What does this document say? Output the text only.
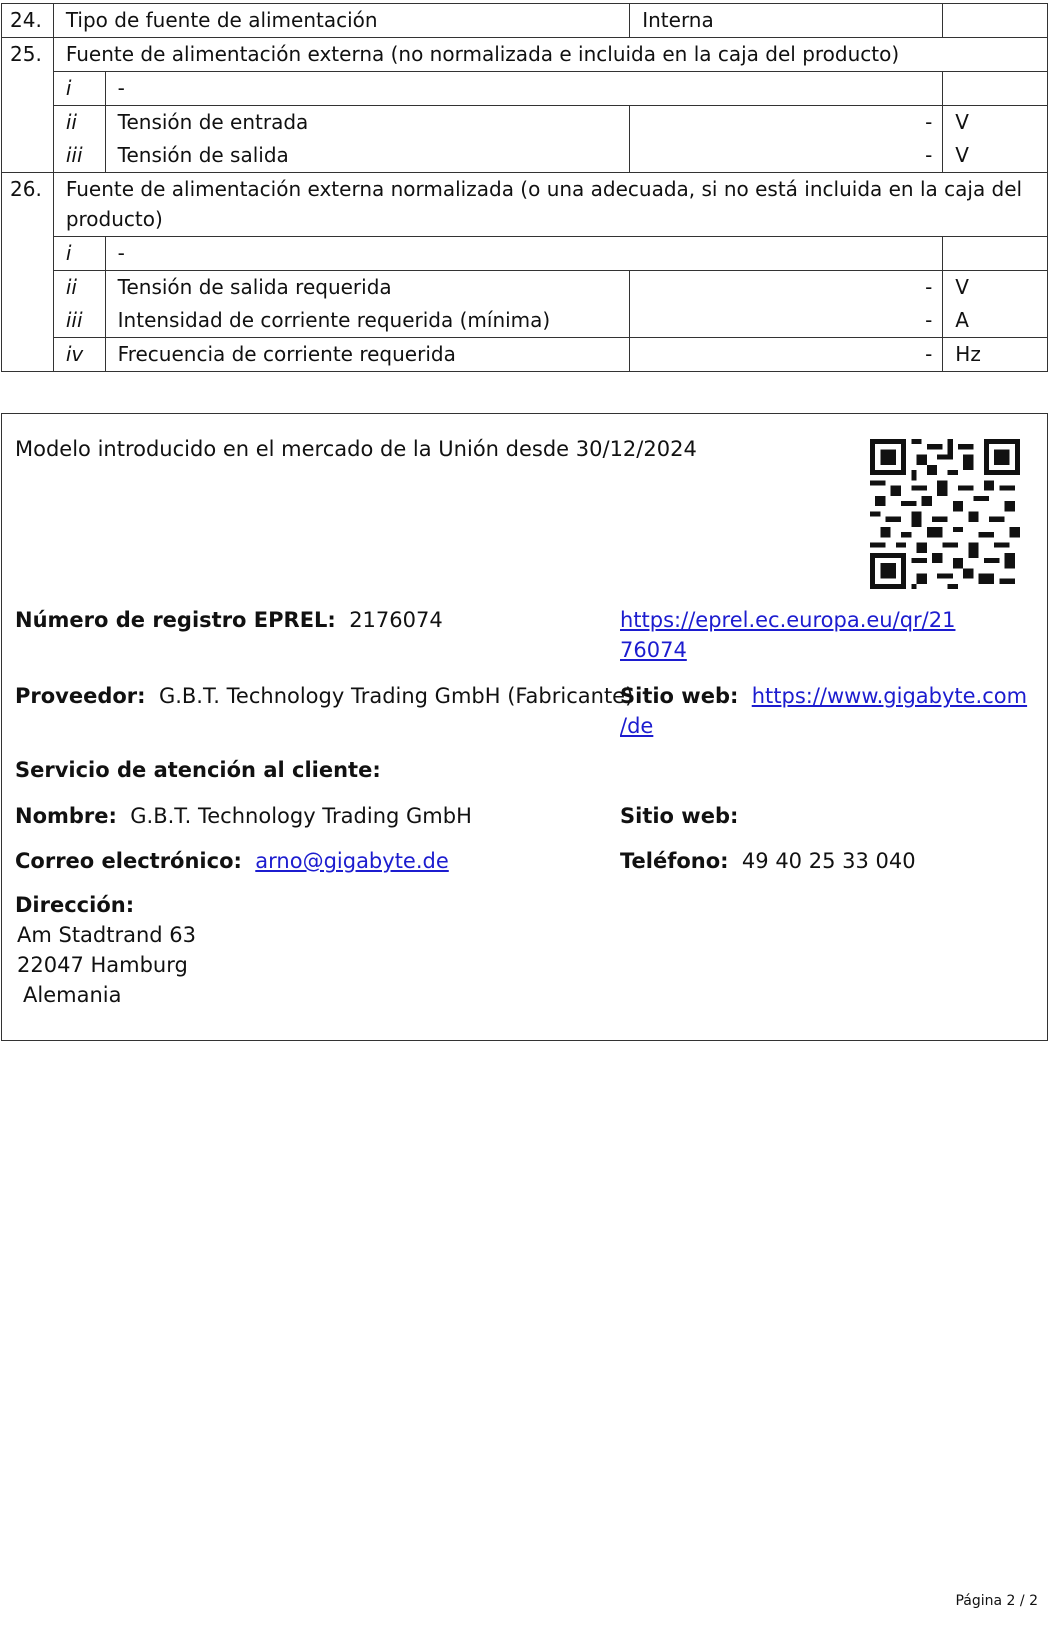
24.	Tipo de fuente de alimentación		Interna	
25.	Fuente de alimentación externa (no normalizada e incluida en la caja del producto)			
	i	-		
	ii	Tensión de entrada	-	V
	iii	Tensión de salida	-	V
26.	Fuente de alimentación externa normalizada (o una adecuada, si no está incluida en la caja del producto)			
	i	-		
	ii	Tensión de salida requerida	-	V
	iii	Intensidad de corriente requerida (mínima)	-	A
	iv	Frecuencia de corriente requerida	-	Hz
Modelo introducido en el mercado de la Unión desde 30/12/2024
Número de registro EPREL: 2176074	https://eprel.ec.europa.eu/qr/21
76074
Proveedor: G.B.T. Technology Trading GmbH (Fabricante)
Sitio web: https://www.gigabyte.com
/de
Servicio de atención al cliente:
Nombre: G.B.T. Technology Trading GmbH	Sitio web:
Correo electrónico: arno@gigabyte.de	Teléfono: 49 40 25 33 040
Dirección:
Am Stadtrand 63
22047 Hamburg
Alemania
Página 2 / 2
